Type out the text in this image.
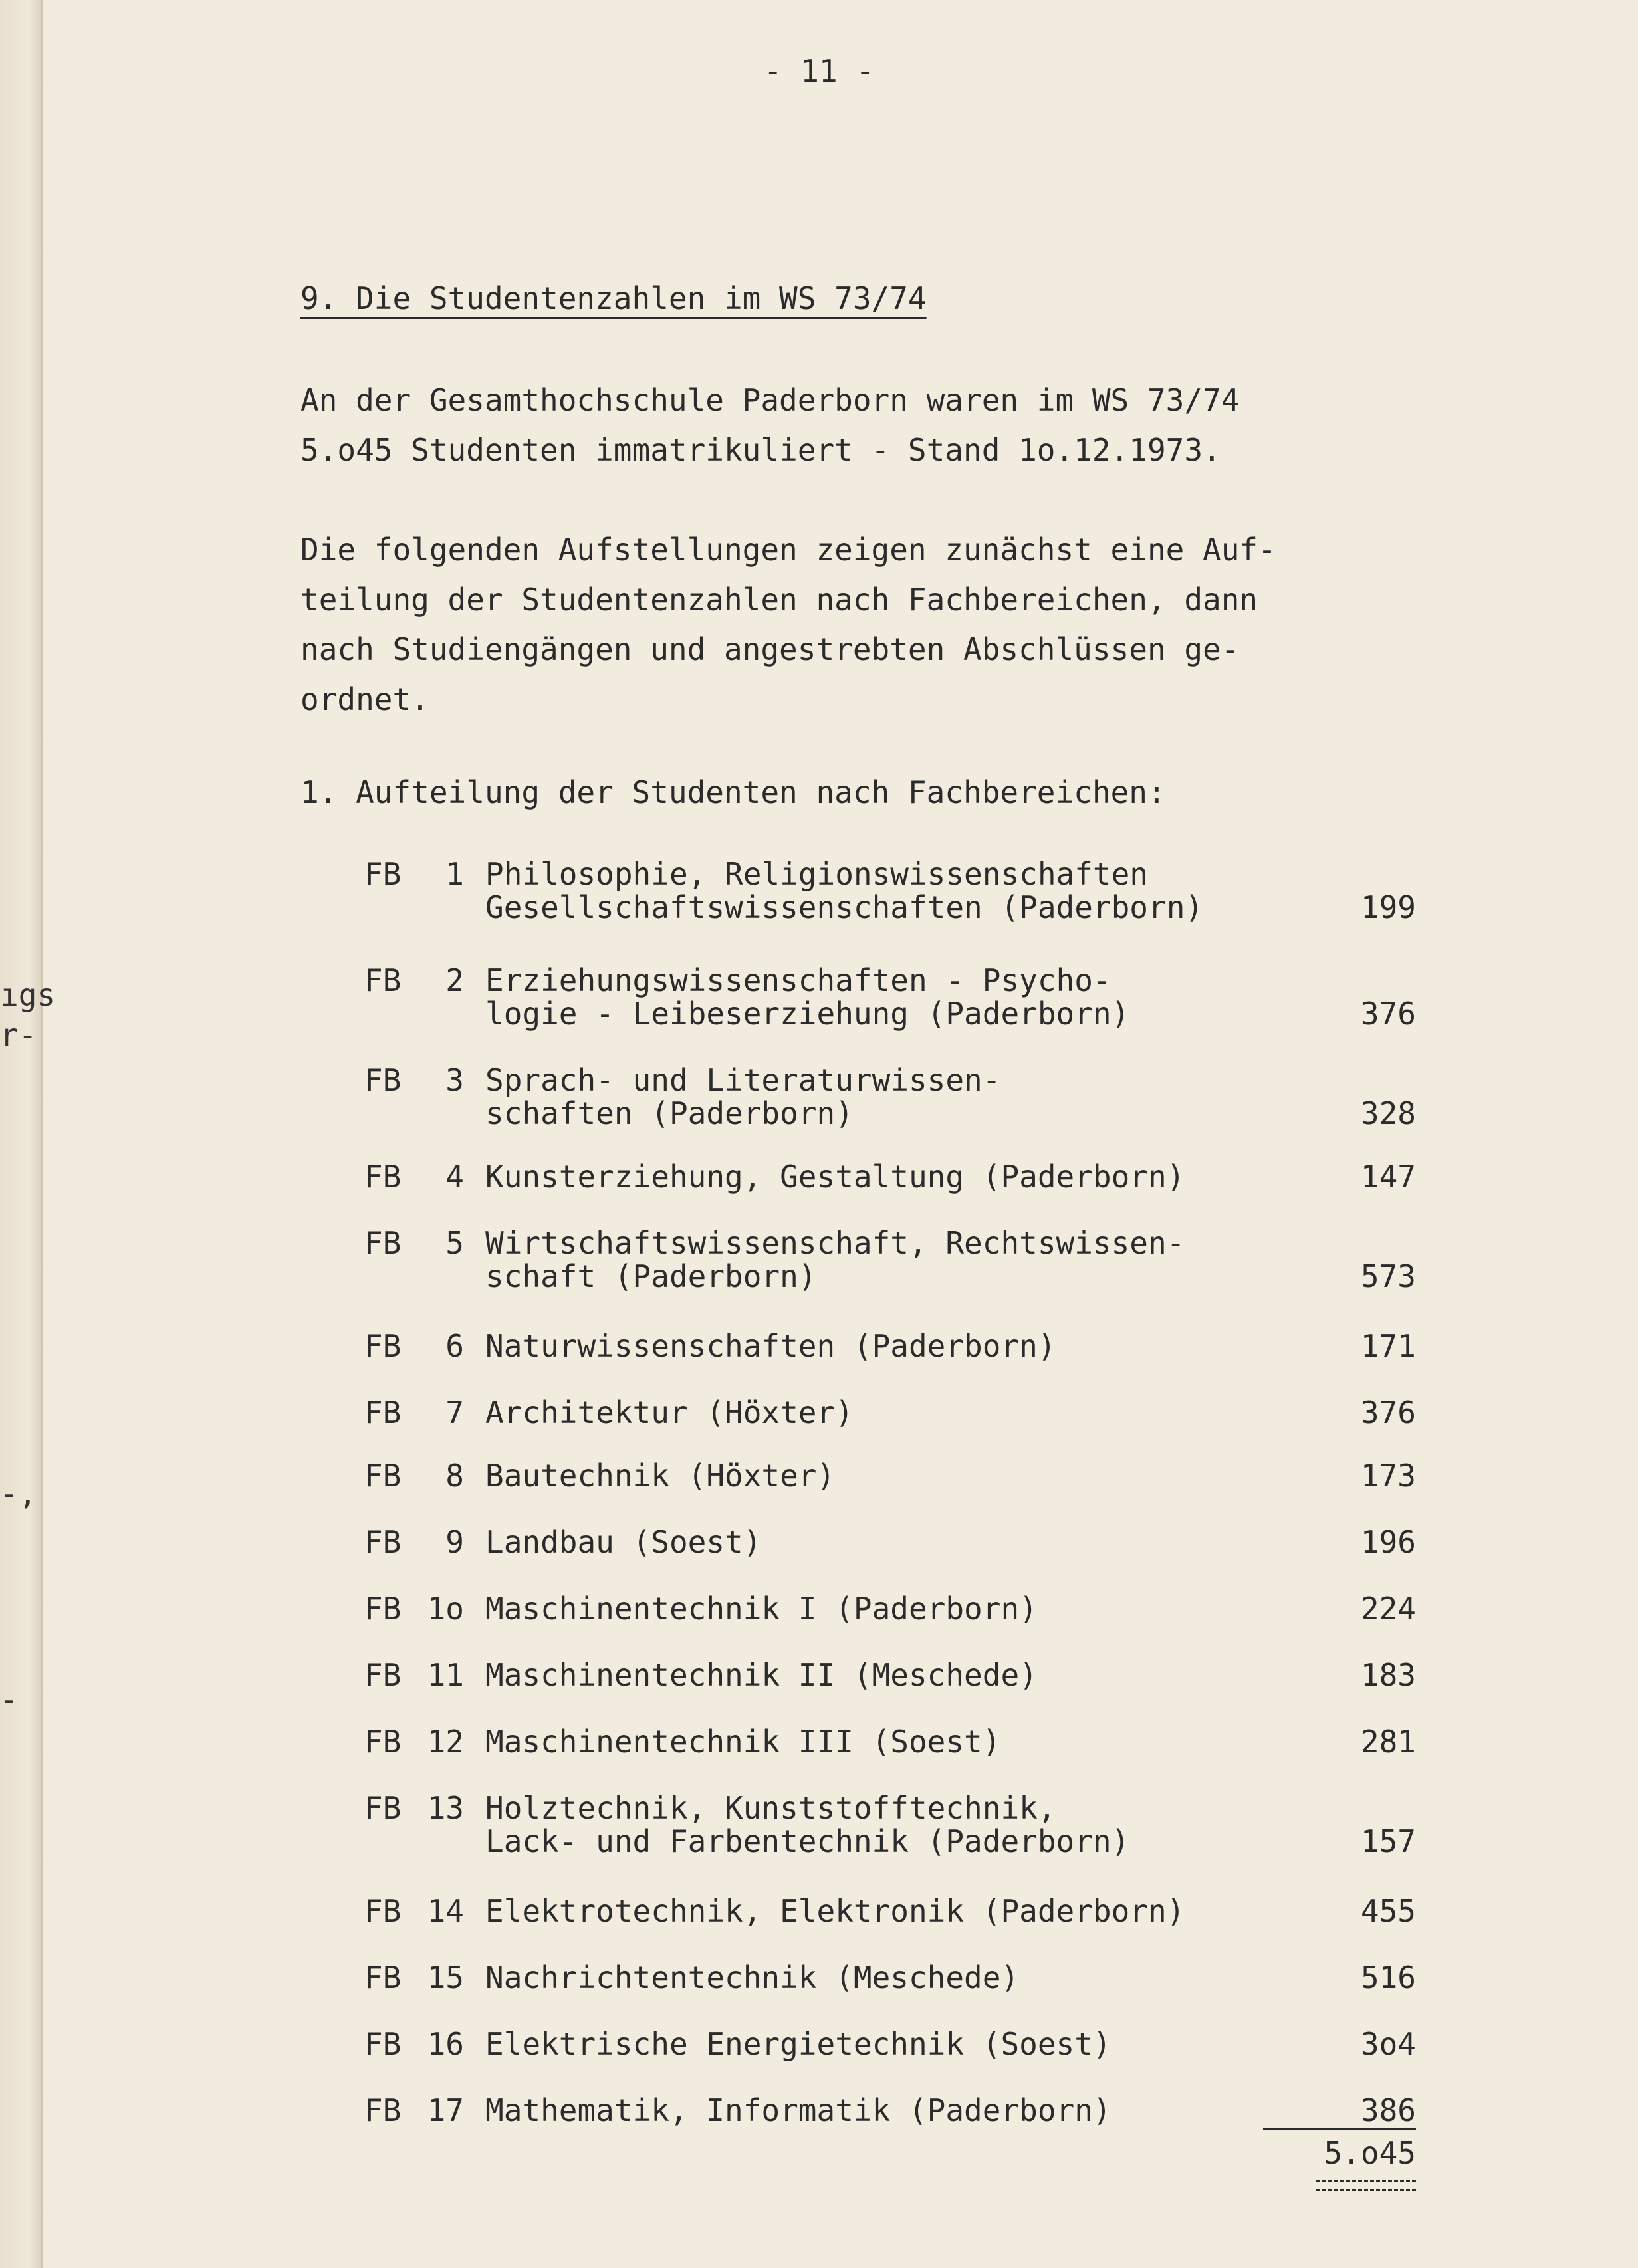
ıgs
r-
-,
-
- 11 -
9. Die Studentenzahlen im WS 73/74

An der Gesamthochschule Paderborn waren im WS 73/74
5.o45 Studenten immatrikuliert - Stand 1o.12.1973.

Die folgenden Aufstellungen zeigen zunächst eine Auf-
teilung der Studentenzahlen nach Fachbereichen, dann
nach Studiengängen und angestrebten Abschlüssen ge-
ordnet.

1. Aufteilung der Studenten nach Fachbereichen:
FB	1 Philosophie, Religionswissenschaften
Gesellschaftswissenschaften (Paderborn)	199
FB	2 Erziehungswissenschaften - Psycho-
logie - Leibeserziehung (Paderborn)	376
FB	3 Sprach- und Literaturwissen-
schaften (Paderborn)	328
FB	4 Kunsterziehung, Gestaltung (Paderborn)	147
FB	5 Wirtschaftswissenschaft, Rechtswissen-
schaft (Paderborn)	573
FB	6 Naturwissenschaften (Paderborn)	171
FB	7 Architektur (Höxter)	376
FB	8 Bautechnik (Höxter)	173
FB	9 Landbau (Soest)	196
FB 1o Maschinentechnik I (Paderborn)	224
FB 11 Maschinentechnik II (Meschede)	183
FB 12 Maschinentechnik III (Soest)	281
FB 13 Holztechnik, Kunststofftechnik,
Lack- und Farbentechnik (Paderborn)	157
FB 14 Elektrotechnik, Elektronik (Paderborn)	455
FB 15 Nachrichtentechnik (Meschede)	516
FB 16 Elektrische Energietechnik (Soest)	3o4
FB 17 Mathematik, Informatik (Paderborn)	386
5.o45
